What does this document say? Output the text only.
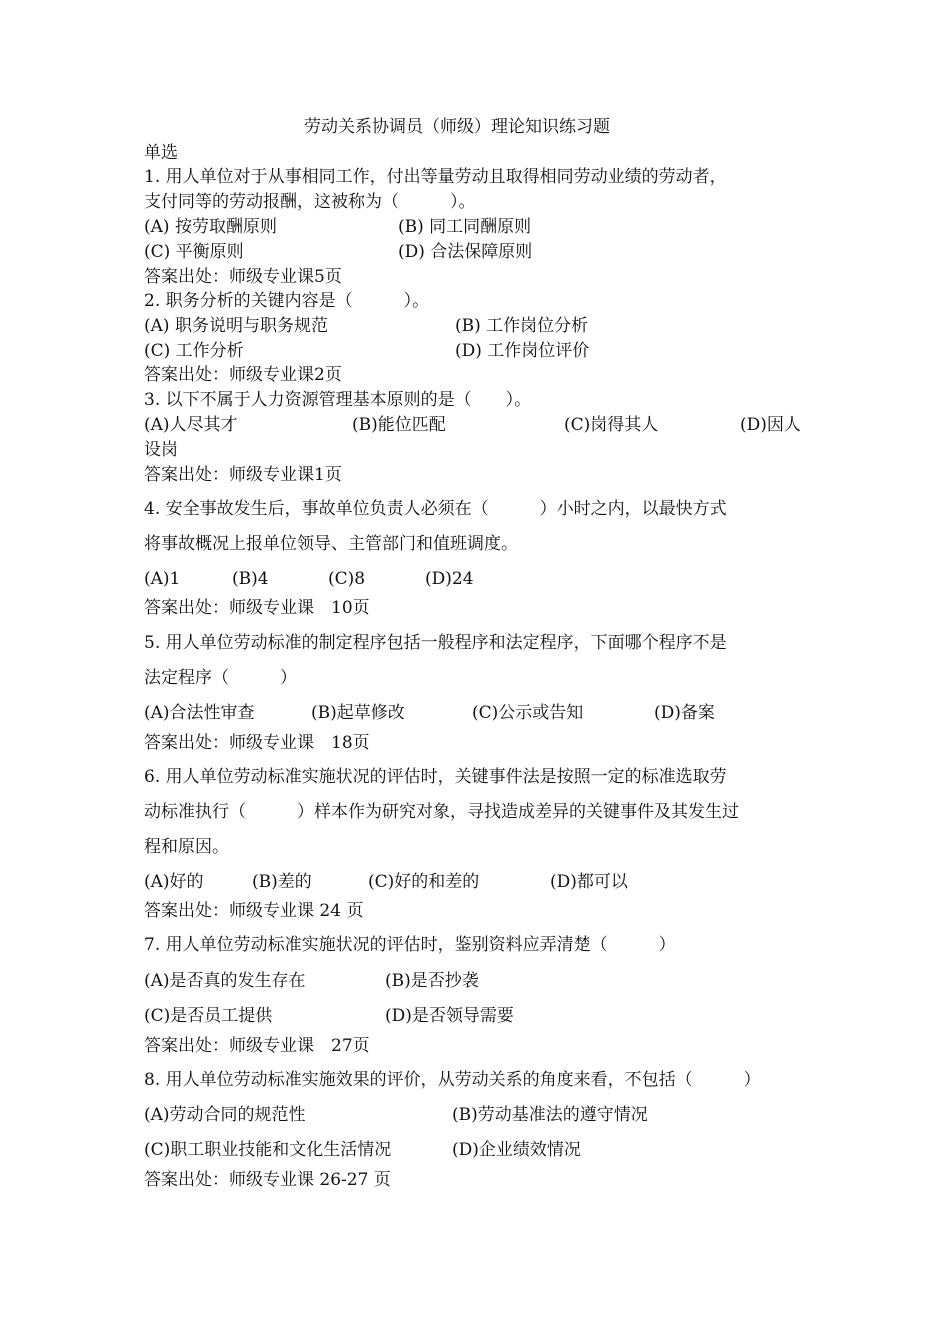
劳动关系协调员（师级）理论知识练习题
单选
1. 用人单位对于从事相同工作，付出等量劳动且取得相同劳动业绩的劳动者，
支付同等的劳动报酬，这被称为（　　　）。
(A) 按劳取酬原则	(B) 同工同酬原则
(C) 平衡原则	(D) 合法保障原则
答案出处：师级专业课5页
2. 职务分析的关键内容是（　　　）。
(A) 职务说明与职务规范	(B) 工作岗位分析
(C) 工作分析	(D) 工作岗位评价
答案出处：师级专业课2页
3. 以下不属于人力资源管理基本原则的是（　　）。
(A)人尽其才	(B)能位匹配	(C)岗得其人	(D)因人
设岗
答案出处：师级专业课1页
4. 安全事故发生后，事故单位负责人必须在（　　　）小时之内，以最快方式
将事故概况上报单位领导、主管部门和值班调度。
(A)1	(B)4	(C)8	(D)24
答案出处：师级专业课　10页
5. 用人单位劳动标准的制定程序包括一般程序和法定程序，下面哪个程序不是
法定程序（　　　）
(A)合法性审查	(B)起草修改	(C)公示或告知	(D)备案
答案出处：师级专业课　18页
6. 用人单位劳动标准实施状况的评估时，关键事件法是按照一定的标准选取劳
动标准执行（　　　）样本作为研究对象，寻找造成差异的关键事件及其发生过
程和原因。
(A)好的	(B)差的	(C)好的和差的	(D)都可以
答案出处：师级专业课 24 页
7. 用人单位劳动标准实施状况的评估时，鉴别资料应弄清楚（　　　）
(A)是否真的发生存在	(B)是否抄袭
(C)是否员工提供	(D)是否领导需要
答案出处：师级专业课　27页
8. 用人单位劳动标准实施效果的评价，从劳动关系的角度来看，不包括（　　　）
(A)劳动合同的规范性	(B)劳动基准法的遵守情况
(C)职工职业技能和文化生活情况	(D)企业绩效情况
答案出处：师级专业课 26-27 页
